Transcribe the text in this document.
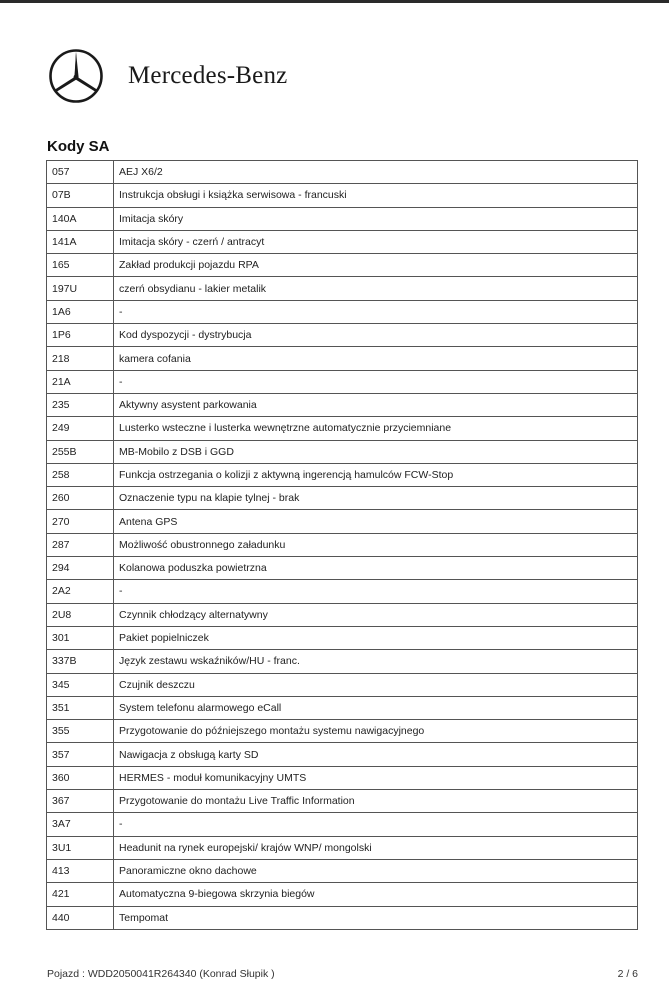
Mercedes-Benz
Kody SA
057	AEJ X6/2
07B	Instrukcja obsługi i książka serwisowa - francuski
140A	Imitacja skóry
141A	Imitacja skóry - czerń / antracyt
165	Zakład produkcji pojazdu RPA
197U	czerń obsydianu - lakier metalik
1A6	-
1P6	Kod dyspozycji - dystrybucja
218	kamera cofania
21A	-
235	Aktywny asystent parkowania
249	Lusterko wsteczne i lusterka wewnętrzne automatycznie przyciemniane
255B	MB-Mobilo z DSB i GGD
258	Funkcja ostrzegania o kolizji z aktywną ingerencją hamulców FCW-Stop
260	Oznaczenie typu na klapie tylnej - brak
270	Antena GPS
287	Możliwość obustronnego załadunku
294	Kolanowa poduszka powietrzna
2A2	-
2U8	Czynnik chłodzący alternatywny
301	Pakiet popielniczek
337B	Język zestawu wskaźników/HU - franc.
345	Czujnik deszczu
351	System telefonu alarmowego eCall
355	Przygotowanie do późniejszego montażu systemu nawigacyjnego
357	Nawigacja z obsługą karty SD
360	HERMES - moduł komunikacyjny UMTS
367	Przygotowanie do montażu Live Traffic Information
3A7	-
3U1	Headunit na rynek europejski/ krajów WNP/ mongolski
413	Panoramiczne okno dachowe
421	Automatyczna 9-biegowa skrzynia biegów
440	Tempomat
Pojazd : WDD2050041R264340 (Konrad Słupik )	2 / 6
